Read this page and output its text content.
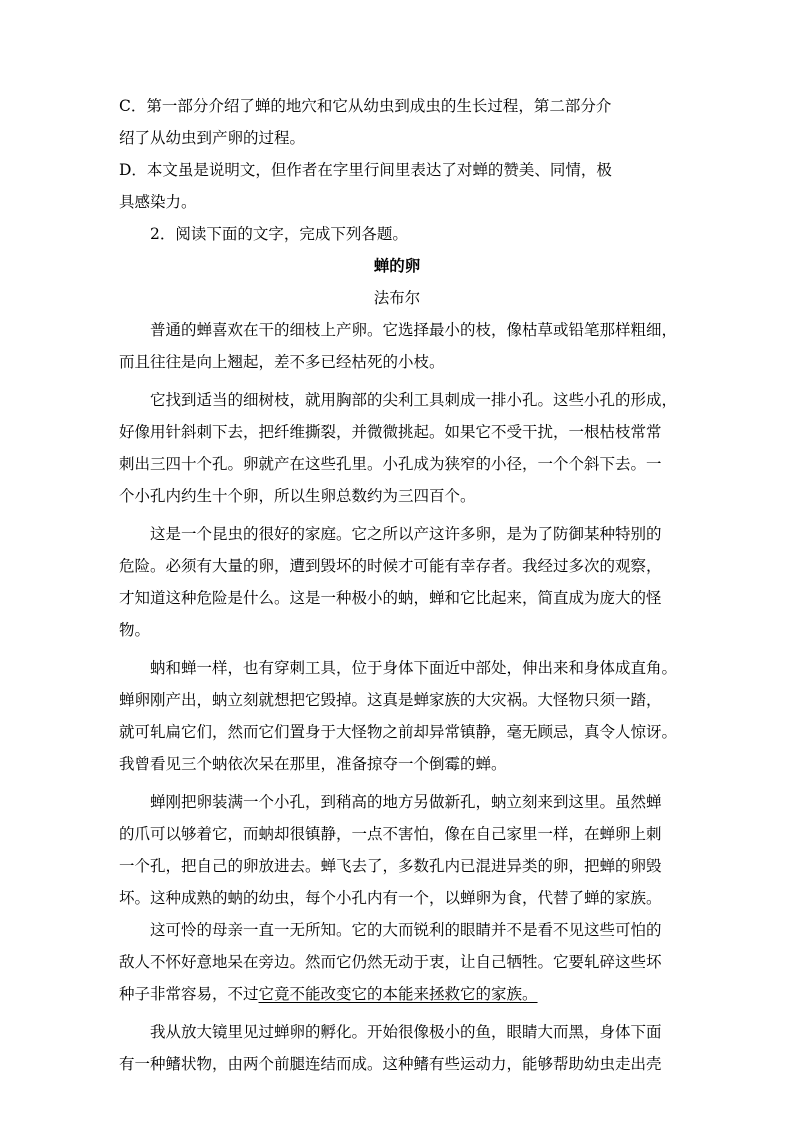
C．第一部分介绍了蝉的地穴和它从幼虫到成虫的生长过程，第二部分介
绍了从幼虫到产卵的过程。
D．本文虽是说明文，但作者在字里行间里表达了对蝉的赞美、同情，极
具感染力。
2．阅读下面的文字，完成下列各题。
蝉的卵
法布尔
普通的蝉喜欢在干的细枝上产卵。它选择最小的枝，像枯草或铅笔那样粗细，
而且往往是向上翘起，差不多已经枯死的小枝。
它找到适当的细树枝，就用胸部的尖利工具刺成一排小孔。这些小孔的形成，
好像用针斜刺下去，把纤维撕裂，并微微挑起。如果它不受干扰，一根枯枝常常
刺出三四十个孔。卵就产在这些孔里。小孔成为狭窄的小径，一个个斜下去。一
个小孔内约生十个卵，所以生卵总数约为三四百个。
这是一个昆虫的很好的家庭。它之所以产这许多卵，是为了防御某种特别的
危险。必须有大量的卵，遭到毁坏的时候才可能有幸存者。我经过多次的观察，
才知道这种危险是什么。这是一种极小的蚋，蝉和它比起来，简直成为庞大的怪
物。
蚋和蝉一样，也有穿刺工具，位于身体下面近中部处，伸出来和身体成直角。
蝉卵刚产出，蚋立刻就想把它毁掉。这真是蝉家族的大灾祸。大怪物只须一踏，
就可轧扁它们，然而它们置身于大怪物之前却异常镇静，毫无顾忌，真令人惊讶。
我曾看见三个蚋依次呆在那里，准备掠夺一个倒霉的蝉。
蝉刚把卵装满一个小孔，到稍高的地方另做新孔，蚋立刻来到这里。虽然蝉
的爪可以够着它，而蚋却很镇静，一点不害怕，像在自己家里一样，在蝉卵上刺
一个孔，把自己的卵放进去。蝉飞去了，多数孔内已混进异类的卵，把蝉的卵毁
坏。这种成熟的蚋的幼虫，每个小孔内有一个，以蝉卵为食，代替了蝉的家族。
这可怜的母亲一直一无所知。它的大而锐利的眼睛并不是看不见这些可怕的
敌人不怀好意地呆在旁边。然而它仍然无动于衷，让自己牺牲。它要轧碎这些坏
种子非常容易，不过它竟不能改变它的本能来拯救它的家族。
我从放大镜里见过蝉卵的孵化。开始很像极小的鱼，眼睛大而黑，身体下面
有一种鳍状物，由两个前腿连结而成。这种鳍有些运动力，能够帮助幼虫走出壳
